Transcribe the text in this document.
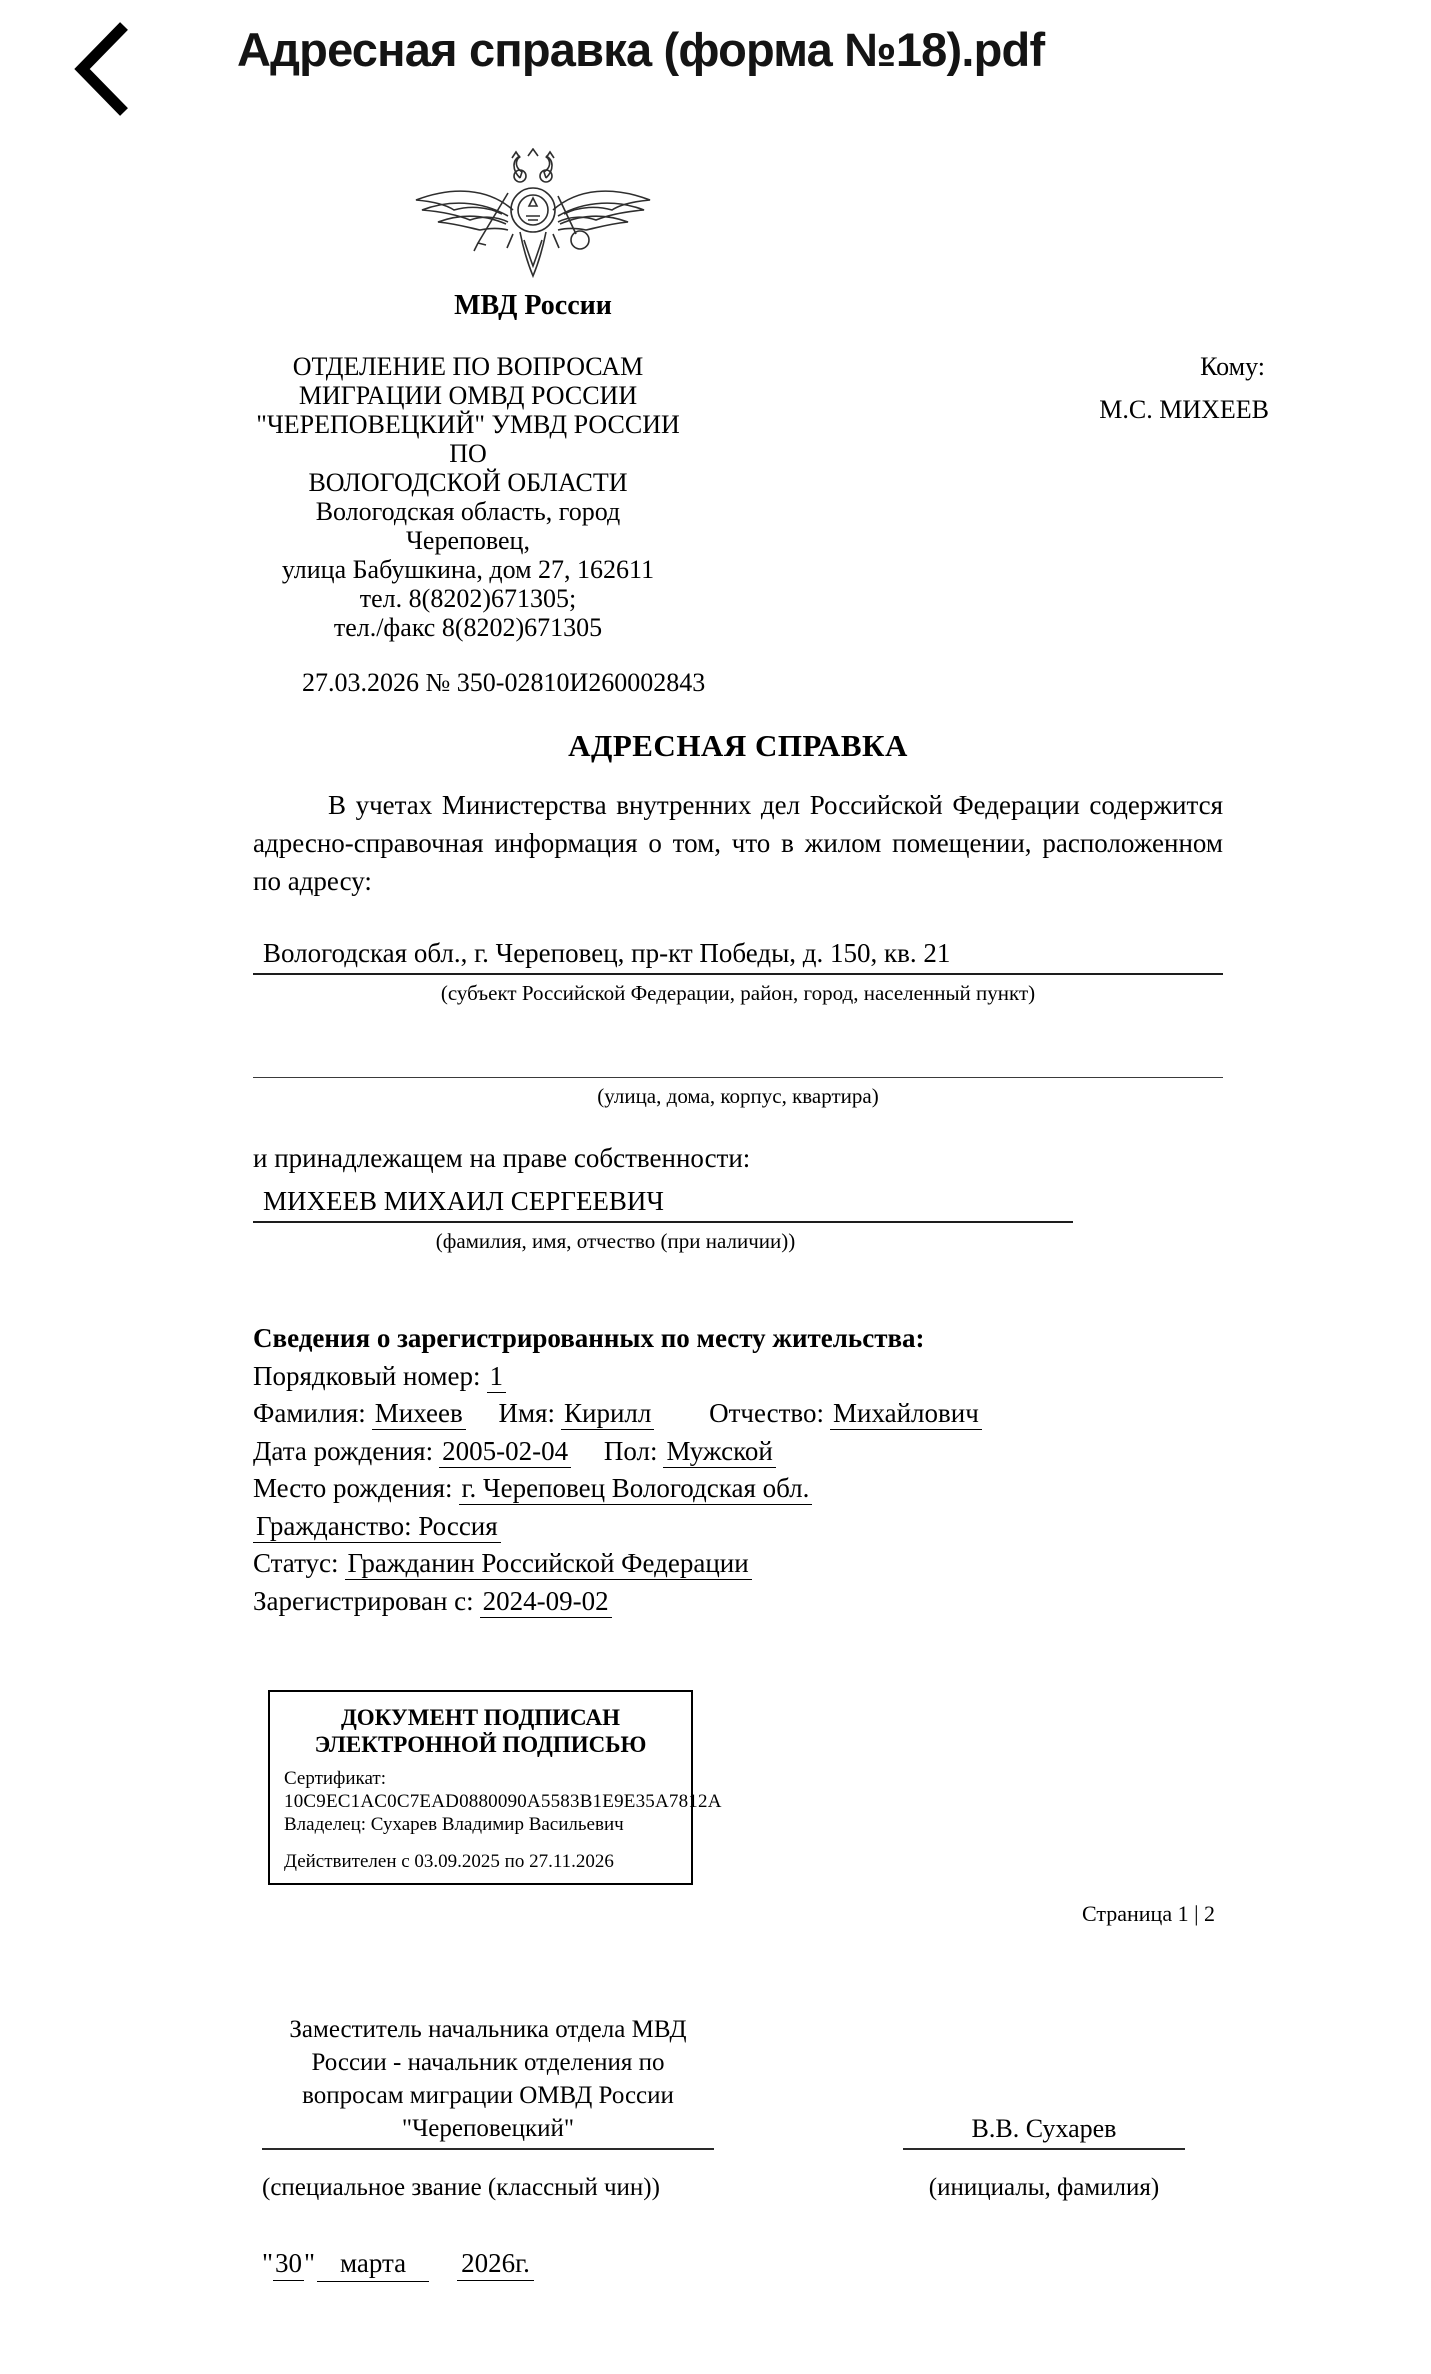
Адресная справка (форма №18).pdf
МВД России
ОТДЕЛЕНИЕ ПО ВОПРОСАМ
МИГРАЦИИ ОМВД РОССИИ
"ЧЕРЕПОВЕЦКИЙ" УМВД РОССИИ ПО
ВОЛОГОДСКОЙ ОБЛАСТИ
Вологодская область, город Череповец,
улица Бабушкина, дом 27, 162611
тел. 8(8202)671305;
тел./факс 8(8202)671305
Кому:
М.С. МИХЕЕВ
27.03.2026 № 350-02810И260002843
АДРЕСНАЯ СПРАВКА

В учетах Министерства внутренних дел Российской Федерации содержится адресно-справочная информация о том, что в жилом помещении, расположенном по адресу:

Вологодская обл., г. Череповец, пр-кт Победы, д. 150, кв. 21
(субъект Российской Федерации, район, город, населенный пункт)
(улица, дома, корпус, квартира)

и принадлежащем на праве собственности:

МИХЕЕВ МИХАИЛ СЕРГЕЕВИЧ
(фамилия, имя, отчество (при наличии))

Сведения о зарегистрированных по месту жительства:

Порядковый номер: 1

Фамилия: Михеев Имя: Кирилл Отчество: Михайлович

Дата рождения: 2005-02-04 Пол: Мужской

Место рождения: г. Череповец Вологодская обл.

Гражданство: Россия

Статус: Гражданин Российской Федерации

Зарегистрирован с: 2024-09-02

ДОКУМЕНТ ПОДПИСАН
ЭЛЕКТРОННОЙ ПОДПИСЬЮ
Сертификат:
10C9EC1AC0C7EAD0880090A5583B1E9E35A7812A
Владелец: Сухарев Владимир Васильевич
Действителен с 03.09.2025 по 27.11.2026
Страница 1 | 2
Заместитель начальника отдела МВД
России - начальник отделения по
вопросам миграции ОМВД России
"Череповецкий"
(специальное звание (классный чин))
В.В. Сухарев
(инициалы, фамилия)
"30" марта 2026г.
